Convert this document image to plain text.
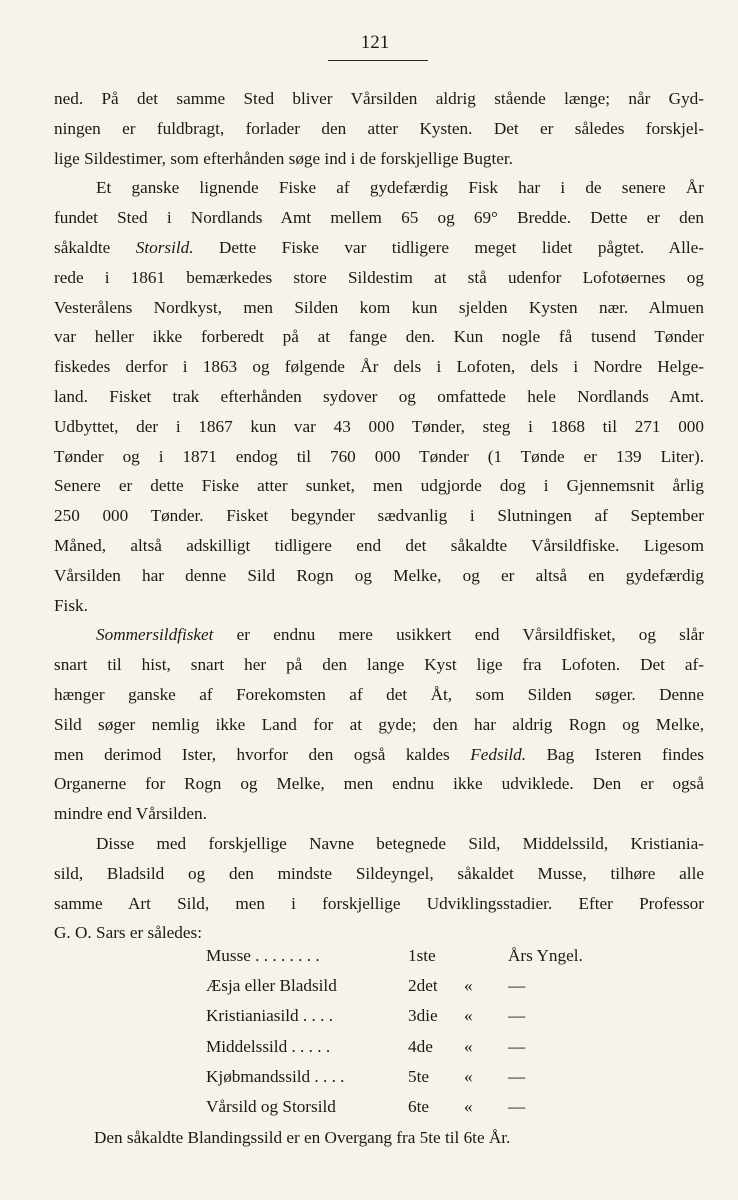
121
ned. På det samme Sted bliver Vårsilden aldrig stående længe; når Gyd-
ningen er fuldbragt, forlader den atter Kysten. Det er således forskjel-
lige Sildestimer, som efterhånden søge ind i de forskjellige Bugter.
Et ganske lignende Fiske af gydefærdig Fisk har i de senere År
fundet Sted i Nordlands Amt mellem 65 og 69° Bredde. Dette er den
såkaldte Storsild. Dette Fiske var tidligere meget lidet pågtet. Alle-
rede i 1861 bemærkedes store Sildestim at stå udenfor Lofotøernes og
Vesterålens Nordkyst, men Silden kom kun sjelden Kysten nær. Almuen
var heller ikke forberedt på at fange den. Kun nogle få tusend Tønder
fiskedes derfor i 1863 og følgende År dels i Lofoten, dels i Nordre Helge-
land. Fisket trak efterhånden sydover og omfattede hele Nordlands Amt.
Udbyttet, der i 1867 kun var 43 000 Tønder, steg i 1868 til 271 000
Tønder og i 1871 endog til 760 000 Tønder (1 Tønde er 139 Liter).
Senere er dette Fiske atter sunket, men udgjorde dog i Gjennemsnit årlig
250 000 Tønder. Fisket begynder sædvanlig i Slutningen af September
Måned, altså adskilligt tidligere end det såkaldte Vårsildfiske. Ligesom
Vårsilden har denne Sild Rogn og Melke, og er altså en gydefærdig
Fisk.
Sommersildfisket er endnu mere usikkert end Vårsildfisket, og slår
snart til hist, snart her på den lange Kyst lige fra Lofoten. Det af-
hænger ganske af Forekomsten af det Åt, som Silden søger. Denne
Sild søger nemlig ikke Land for at gyde; den har aldrig Rogn og Melke,
men derimod Ister, hvorfor den også kaldes Fedsild. Bag Isteren findes
Organerne for Rogn og Melke, men endnu ikke udviklede. Den er også
mindre end Vårsilden.
Disse med forskjellige Navne betegnede Sild, Middelssild, Kristiania-
sild, Bladsild og den mindste Sildeyngel, såkaldet Musse, tilhøre alle
samme Art Sild, men i forskjellige Udviklingsstadier. Efter Professor
G. O. Sars er således:
Musse . . . . . . . .	1ste	Års Yngel.
Æsja eller Bladsild	2det « —
Kristianiasild . . . .	3die « —
Middelssild . . . . .	4de « —
Kjøbmandssild . . . .	5te « —
Vårsild og Storsild	6te « —
Den såkaldte Blandingssild er en Overgang fra 5te til 6te År.
